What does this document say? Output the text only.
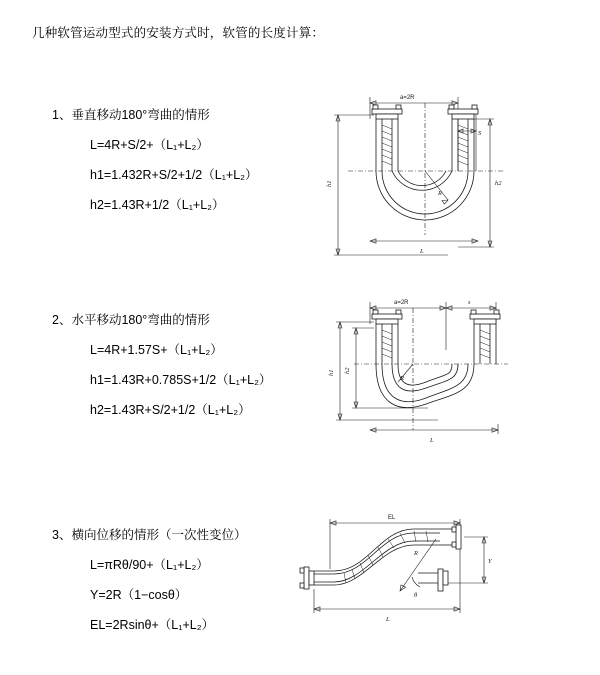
几种软管运动型式的安装方式时，软管的长度计算：
1、垂直移动180°弯曲的情形
L=4R+S/2+（L₁+L₂）
h1=1.432R+S/2+1/2（L₁+L₂）
h2=1.43R+1/2（L₁+L₂）
a=2R
S
h1	h2
R
L
2、水平移动180°弯曲的情形
L=4R+1.57S+（L₁+L₂）
h1=1.43R+0.785S+1/2（L₁+L₂）
h2=1.43R+S/2+1/2（L₁+L₂）
a=2R	s
h1 h2
R
L
3、横向位移的情形（一次性变位）
L=πRθ/90+（L₁+L₂）
Y=2R（1−cosθ）
EL=2Rsinθ+（L₁+L₂）
EL
Y
R
θ
L
